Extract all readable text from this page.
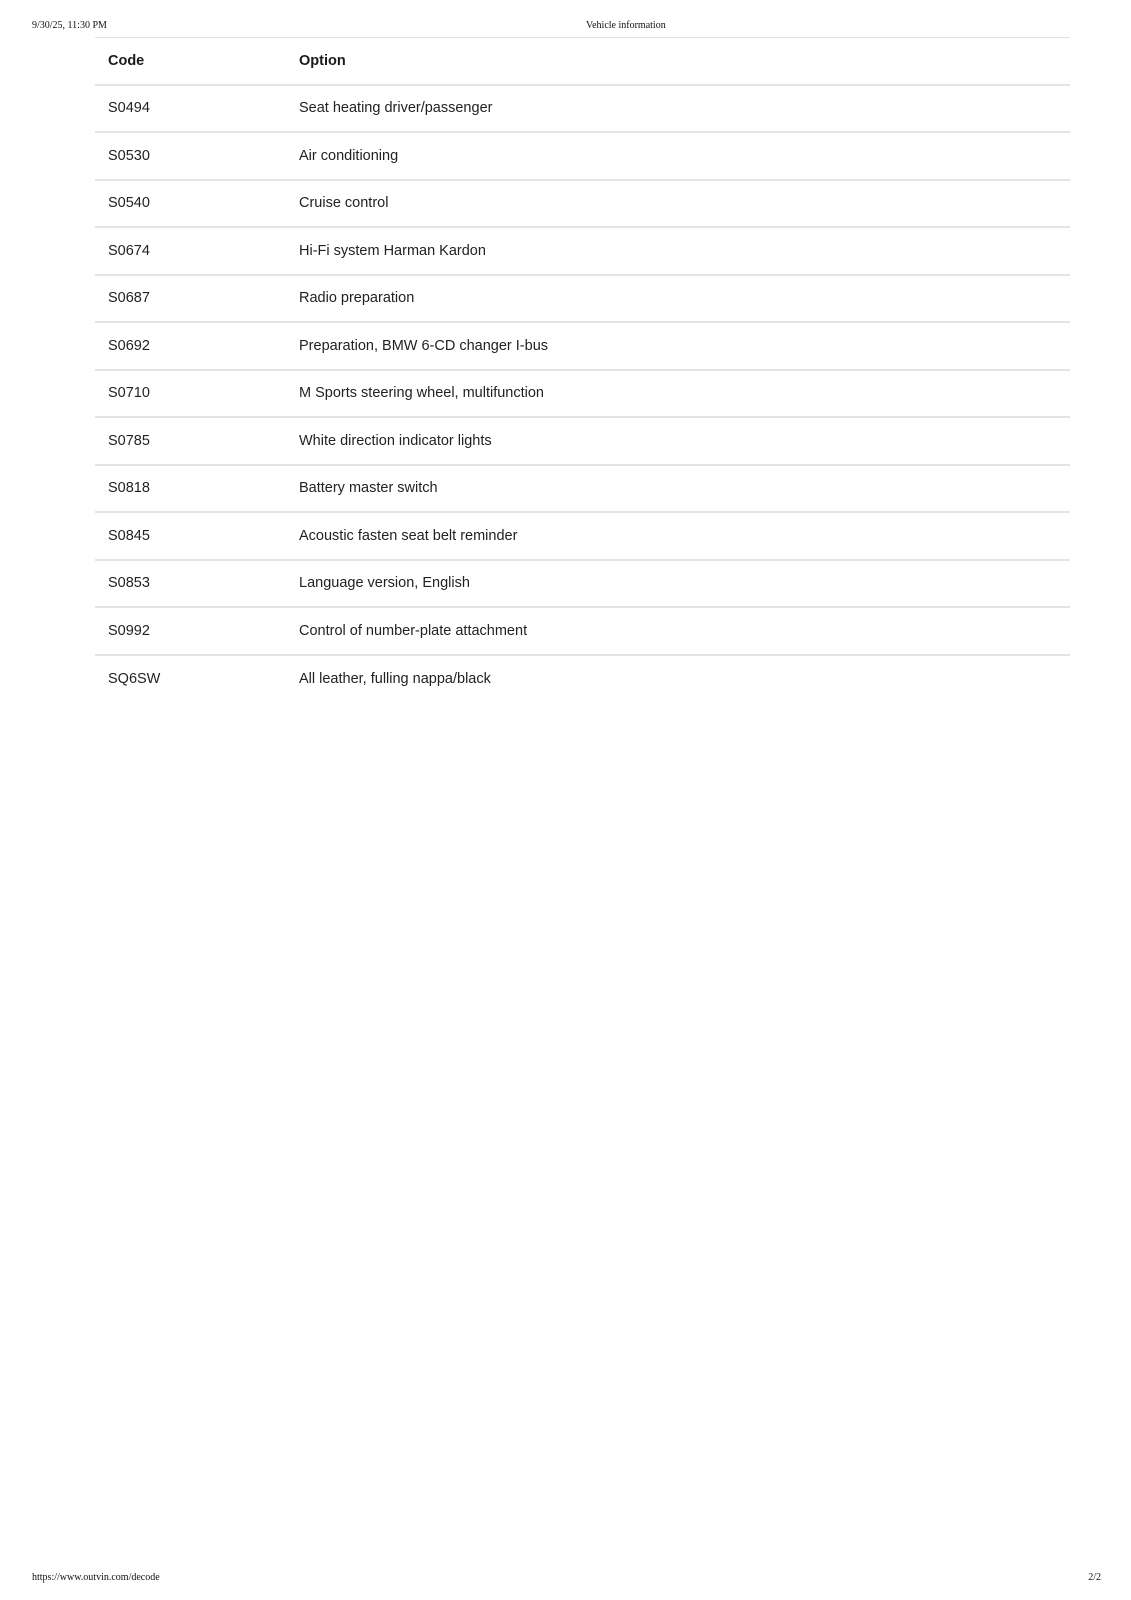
9/30/25, 11:30 PM	Vehicle information
Code	Option
S0494	Seat heating driver/passenger
S0530	Air conditioning
S0540	Cruise control
S0674	Hi-Fi system Harman Kardon
S0687	Radio preparation
S0692	Preparation, BMW 6-CD changer I-bus
S0710	M Sports steering wheel, multifunction
S0785	White direction indicator lights
S0818	Battery master switch
S0845	Acoustic fasten seat belt reminder
S0853	Language version, English
S0992	Control of number-plate attachment
SQ6SW	All leather, fulling nappa/black
https://www.outvin.com/decode	2/2
